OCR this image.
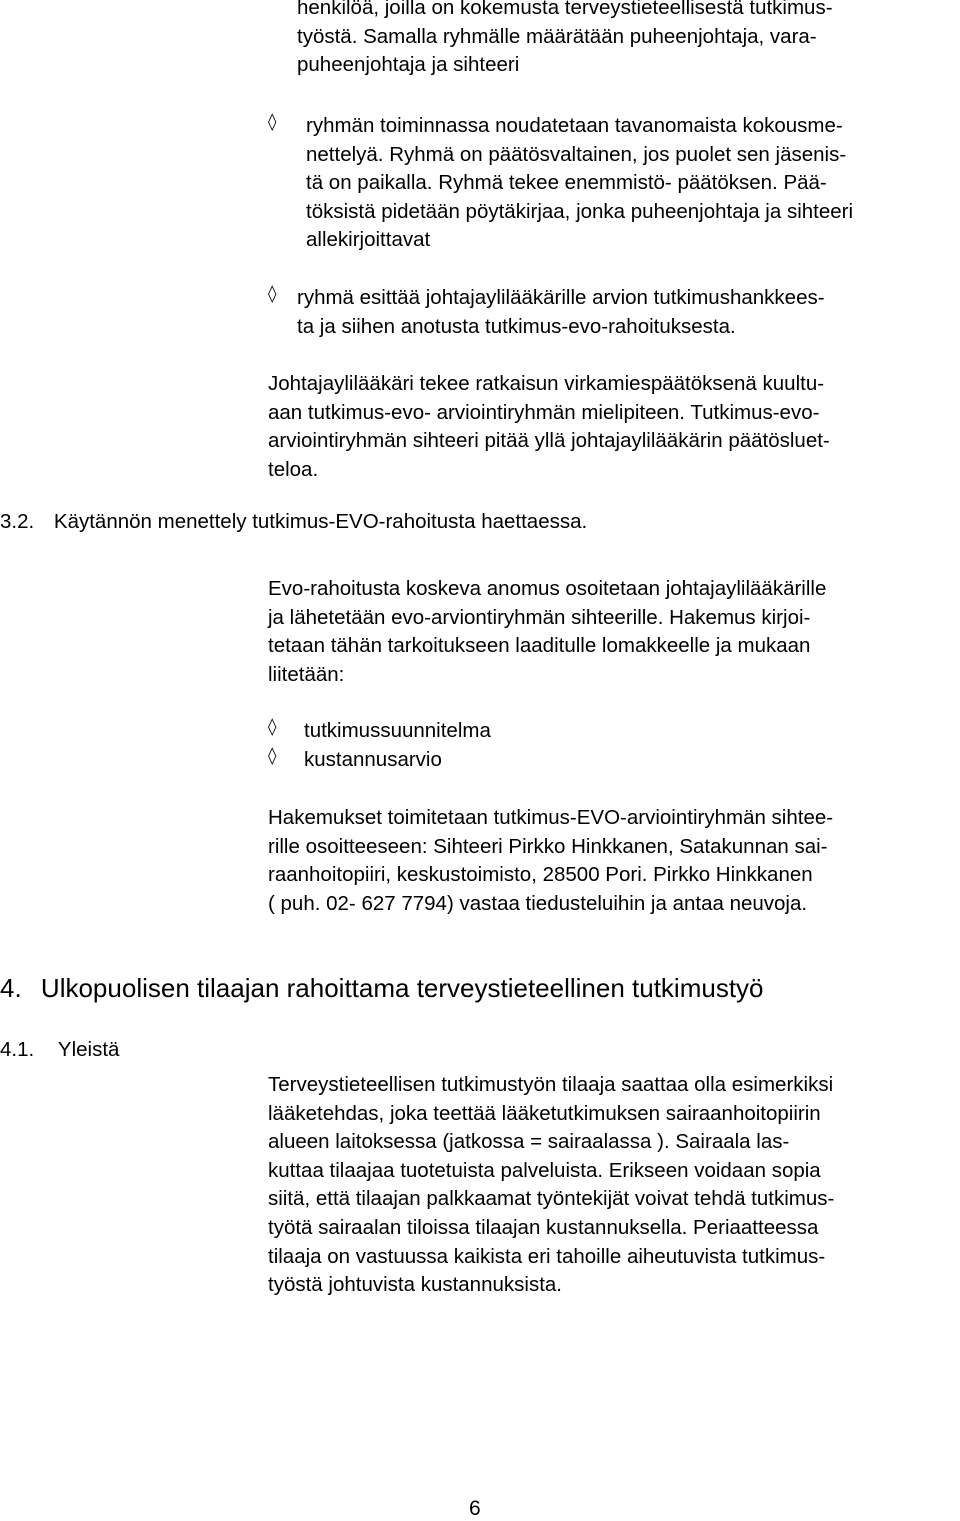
henkilöä, joilla on kokemusta terveystieteellisestä tutkimus-
työstä. Samalla ryhmälle määrätään puheenjohtaja, vara-
puheenjohtaja ja sihteeri
◊ ryhmän toiminnassa noudatetaan tavanomaista kokousme-
nettelyä. Ryhmä on päätösvaltainen, jos puolet sen jäsenis-
tä on paikalla. Ryhmä tekee enemmistö- päätöksen. Pää-
töksistä pidetään pöytäkirjaa, jonka puheenjohtaja ja sihteeri
allekirjoittavat
◊ ryhmä esittää johtajaylilääkärille arvion tutkimushankkees-
ta ja siihen anotusta tutkimus-evo-rahoituksesta.
Johtajaylilääkäri tekee ratkaisun virkamiespäätöksenä kuultu-
aan tutkimus-evo- arviointiryhmän mielipiteen. Tutkimus-evo-
arviointiryhmän sihteeri pitää yllä johtajaylilääkärin päätösluet-
teloa.
3.2. Käytännön menettely tutkimus-EVO-rahoitusta haettaessa.
Evo-rahoitusta koskeva anomus osoitetaan johtajaylilääkärille
ja lähetetään evo-arviontiryhmän sihteerille. Hakemus kirjoi-
tetaan tähän tarkoitukseen laaditulle lomakkeelle ja mukaan
liitetään:
◊ tutkimussuunnitelma
◊ kustannusarvio
Hakemukset toimitetaan tutkimus-EVO-arviointiryhmän sihtee-
rille osoitteeseen: Sihteeri Pirkko Hinkkanen, Satakunnan sai-
raanhoitopiiri, keskustoimisto, 28500 Pori. Pirkko Hinkkanen
( puh. 02- 627 7794) vastaa tiedusteluihin ja antaa neuvoja.
4. Ulkopuolisen tilaajan rahoittama terveystieteellinen tutkimustyö
4.1. Yleistä
Terveystieteellisen tutkimustyön tilaaja saattaa olla esimerkiksi
lääketehdas, joka teettää lääketutkimuksen sairaanhoitopiirin
alueen laitoksessa (jatkossa = sairaalassa ). Sairaala las-
kuttaa tilaajaa tuotetuista palveluista. Erikseen voidaan sopia
siitä, että tilaajan palkkaamat työntekijät voivat tehdä tutkimus-
työtä sairaalan tiloissa tilaajan kustannuksella. Periaatteessa
tilaaja on vastuussa kaikista eri tahoille aiheutuvista tutkimus-
työstä johtuvista kustannuksista.
6
